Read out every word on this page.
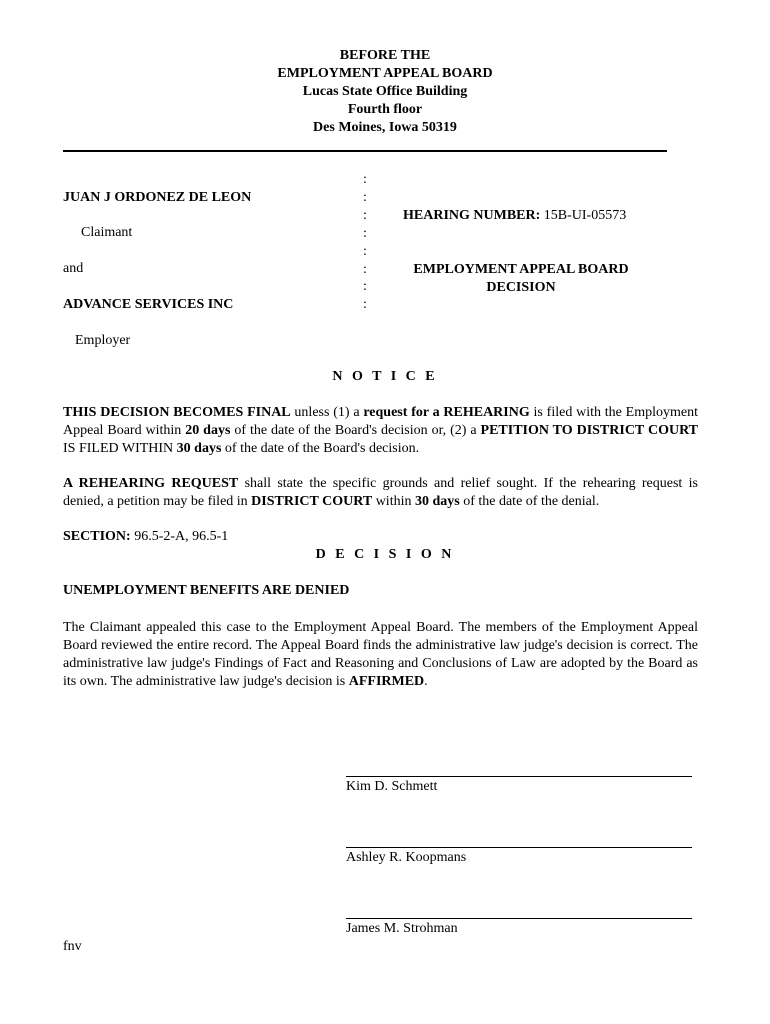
BEFORE THE
EMPLOYMENT APPEAL BOARD
Lucas State Office Building
Fourth floor
Des Moines, Iowa 50319
JUAN J ORDONEZ DE LEON
Claimant
and
ADVANCE SERVICES INC
Employer
:
:
:
:
:
:
:
:
HEARING NUMBER: 15B-UI-05573
EMPLOYMENT APPEAL BOARD
DECISION
N O T I C E
THIS DECISION BECOMES FINAL unless (1) a request for a REHEARING is filed with the Employment Appeal Board within 20 days of the date of the Board's decision or, (2) a PETITION TO DISTRICT COURT IS FILED WITHIN 30 days of the date of the Board's decision.
A REHEARING REQUEST shall state the specific grounds and relief sought. If the rehearing request is denied, a petition may be filed in DISTRICT COURT within 30 days of the date of the denial.
SECTION: 96.5-2-A, 96.5-1
D E C I S I O N
UNEMPLOYMENT BENEFITS ARE DENIED
The Claimant appealed this case to the Employment Appeal Board. The members of the Employment Appeal Board reviewed the entire record. The Appeal Board finds the administrative law judge's decision is correct. The administrative law judge's Findings of Fact and Reasoning and Conclusions of Law are adopted by the Board as its own. The administrative law judge's decision is AFFIRMED.
Kim D. Schmett
Ashley R. Koopmans
James M. Strohman
fnv
